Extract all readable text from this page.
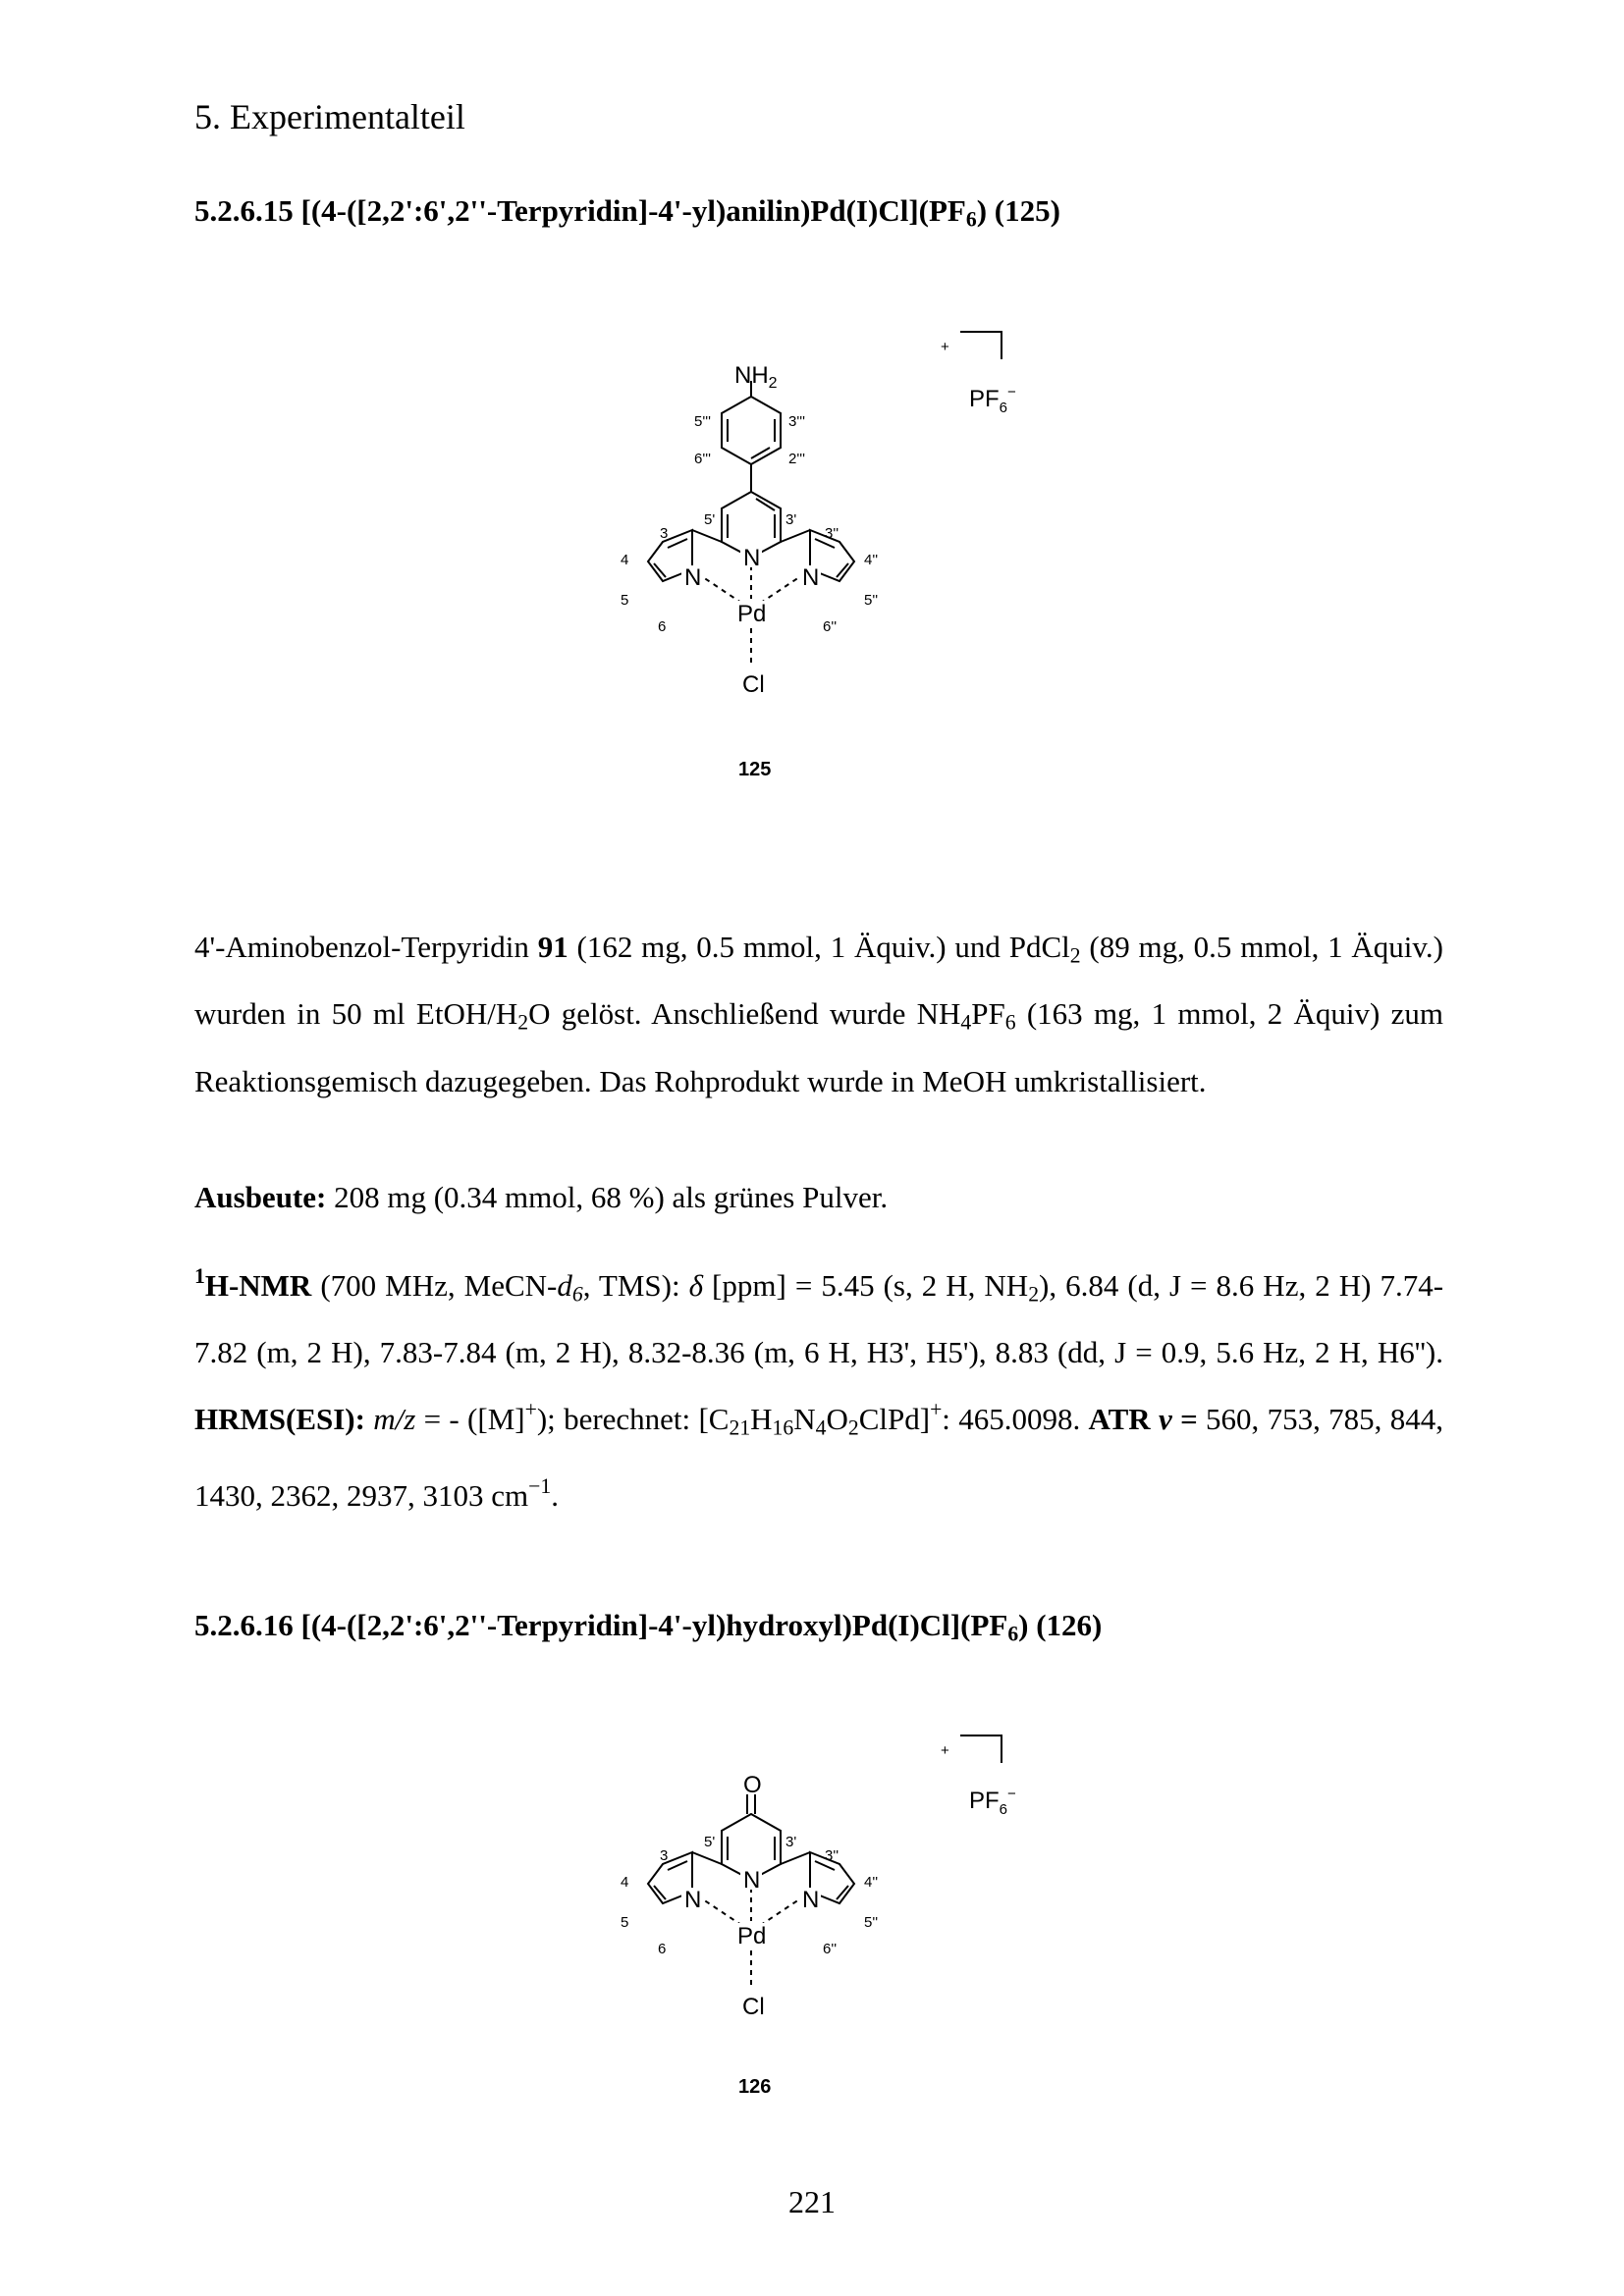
5. Experimentalteil
5.2.6.15 $[(4-([2,2':6',2''-Terpyridin]-4'-yl)anilin)Pd(I)Cl](PF_6)$ (125)
$NH_2$
N
N	N
Pd
Cl
5'''	3'''
6'''	2'''
5'	3'
3	3''
4	4''
5	5''
6	6''
+
$PF_6^-$
125
4'-Aminobenzol-Terpyridin 91 (162 mg, 0.5 mmol, 1 Äquiv.) und PdCl$_2$ (89 mg, 0.5 mmol, 1 Äquiv.) wurden in 50 ml EtOH/$H_2O$ gelöst. Anschließend wurde $NH_4PF_6$ (163 mg, 1 mmol, 2 Äquiv) zum Reaktionsgemisch dazugegeben. Das Rohprodukt wurde in MeOH umkristallisiert.
Ausbeute: 208 mg (0.34 mmol, 68 %) als grünes Pulver.
$^1$H-NMR (700 MHz, MeCN-$d_6$, TMS): δ [ppm] = 5.45 (s, 2 H, $NH_2$), 6.84 (d, J = 8.6 Hz, 2 H) 7.74-7.82 (m, 2 H), 7.83-7.84 (m, 2 H), 8.32-8.36 (m, 6 H, H3', H5'), 8.83 (dd, J = 0.9, 5.6 Hz, 2 H, H6''). HRMS(ESI): m/z = - ([M]+); berechnet: $[C_{21}H_{16}N_4O_2ClPd]^+$: 465.0098. ATR ν = 560, 753, 785, 844, 1430, 2362, 2937, 3103 $cm^{-1}$.
5.2.6.16 $[(4-([2,2':6',2''-Terpyridin]-4'-yl)hydroxyl)Pd(I)Cl](PF_6)$ (126)
O
N
N	N
Pd
Cl
5'	3'
3	3''
4	4''
5	5''
6	6''
+
$PF_6^-$
126
221
